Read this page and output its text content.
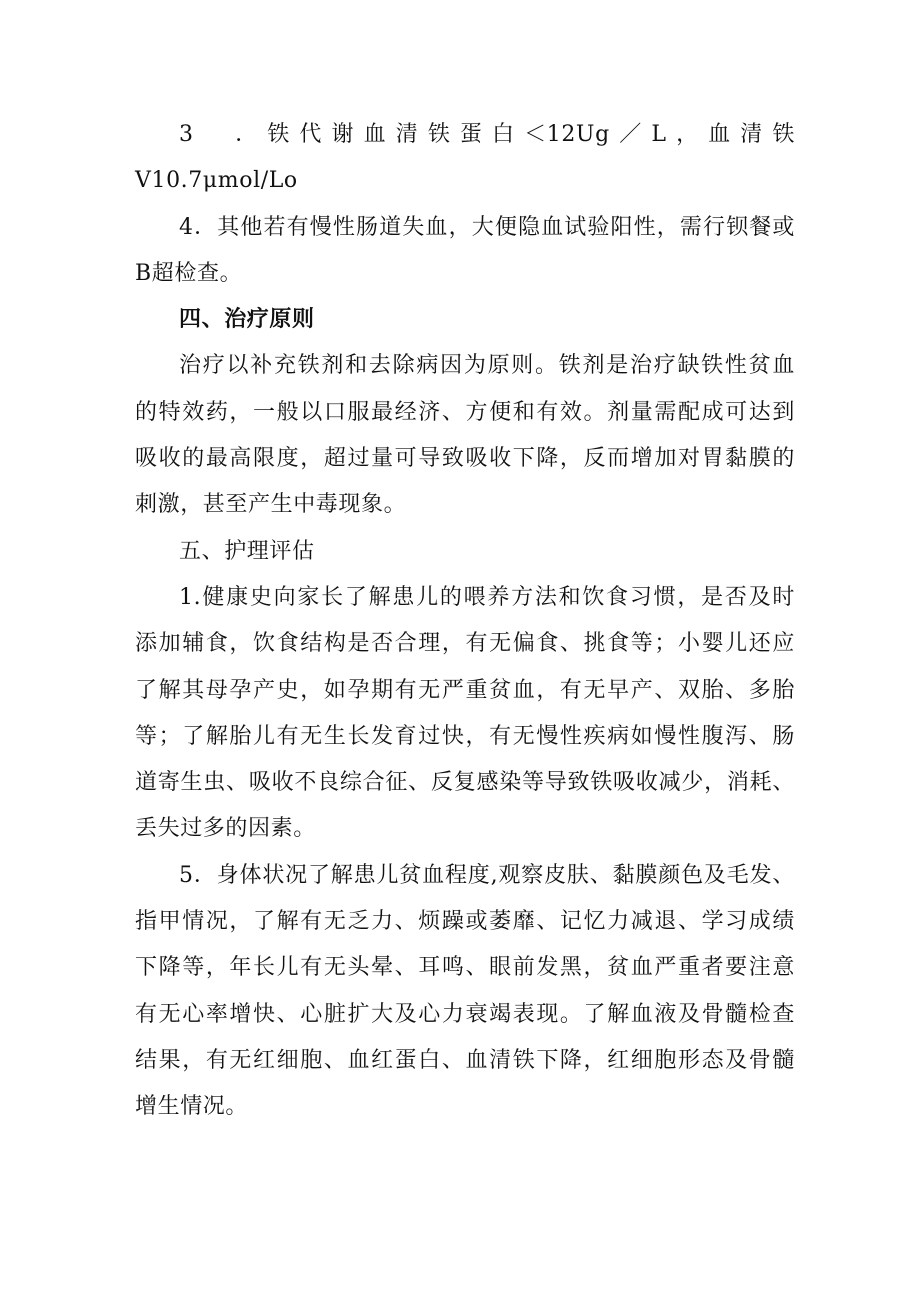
3　．铁代谢血清铁蛋白＜12Ug／L，血清铁
V10.7μmol/Lo
4．其他若有慢性肠道失血，大便隐血试验阳性，需行钡餐或
B超检查。
四、治疗原则
治疗以补充铁剂和去除病因为原则。铁剂是治疗缺铁性贫血
的特效药，一般以口服最经济、方便和有效。剂量需配成可达到
吸收的最高限度，超过量可导致吸收下降，反而增加对胃黏膜的
刺激，甚至产生中毒现象。
五、护理评估
1.健康史向家长了解患儿的喂养方法和饮食习惯，是否及时
添加辅食，饮食结构是否合理，有无偏食、挑食等；小婴儿还应
了解其母孕产史，如孕期有无严重贫血，有无早产、双胎、多胎
等；了解胎儿有无生长发育过快，有无慢性疾病如慢性腹泻、肠
道寄生虫、吸收不良综合征、反复感染等导致铁吸收减少，消耗、
丢失过多的因素。
5．身体状况了解患儿贫血程度,观察皮肤、黏膜颜色及毛发、
指甲情况，了解有无乏力、烦躁或萎靡、记忆力减退、学习成绩
下降等，年长儿有无头晕、耳鸣、眼前发黑，贫血严重者要注意
有无心率增快、心脏扩大及心力衰竭表现。了解血液及骨髓检查
结果，有无红细胞、血红蛋白、血清铁下降，红细胞形态及骨髓
增生情况。
